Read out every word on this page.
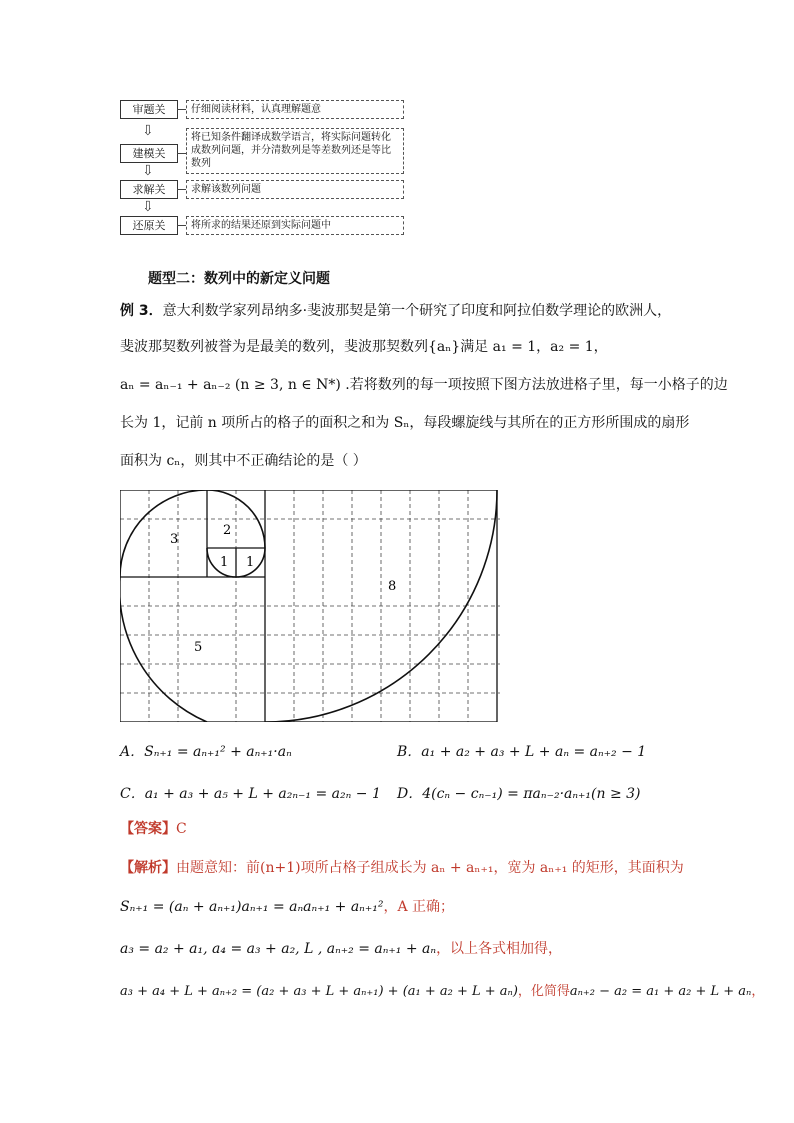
审题关	仔细阅读材料，认真理解题意
⇩
建模关
将已知条件翻译成数学语言，将实际问题转化成数列问题，并分清数列是等差数列还是等比数列
⇩
求解关	求解该数列问题
⇩
还原关	将所求的结果还原到实际问题中
题型二：数列中的新定义问题
例 3．意大利数学家列昂纳多·斐波那契是第一个研究了印度和阿拉伯数学理论的欧洲人，
斐波那契数列被誉为是最美的数列，斐波那契数列{aₙ}满足 a₁ = 1，a₂ = 1，
aₙ = aₙ₋₁ + aₙ₋₂ (n ≥ 3, n ∈ N*) .若将数列的每一项按照下图方法放进格子里，每一小格子的边
长为 1，记前 n 项所占的格子的面积之和为 Sₙ，每段螺旋线与其所在的正方形所围成的扇形
面积为 cₙ，则其中不正确结论的是（ ）
3
2
1 1
8
5
A．Sₙ₊₁ = aₙ₊₁² + aₙ₊₁·aₙ	B．a₁ + a₂ + a₃ + L + aₙ = aₙ₊₂ − 1
C．a₁ + a₃ + a₅ + L + a₂ₙ₋₁ = a₂ₙ − 1 D．4(cₙ − cₙ₋₁) = πaₙ₋₂·aₙ₊₁(n ≥ 3)
【答案】C
【解析】由题意知：前(n+1)项所占格子组成长为 aₙ + aₙ₊₁，宽为 aₙ₊₁ 的矩形，其面积为
Sₙ₊₁ = (aₙ + aₙ₊₁)aₙ₊₁ = aₙaₙ₊₁ + aₙ₊₁²，A 正确；
a₃ = a₂ + a₁, a₄ = a₃ + a₂, L , aₙ₊₂ = aₙ₊₁ + aₙ，以上各式相加得，
a₃ + a₄ + L + aₙ₊₂ = (a₂ + a₃ + L + aₙ₊₁) + (a₁ + a₂ + L + aₙ)，化简得aₙ₊₂ − a₂ = a₁ + a₂ + L + aₙ，
